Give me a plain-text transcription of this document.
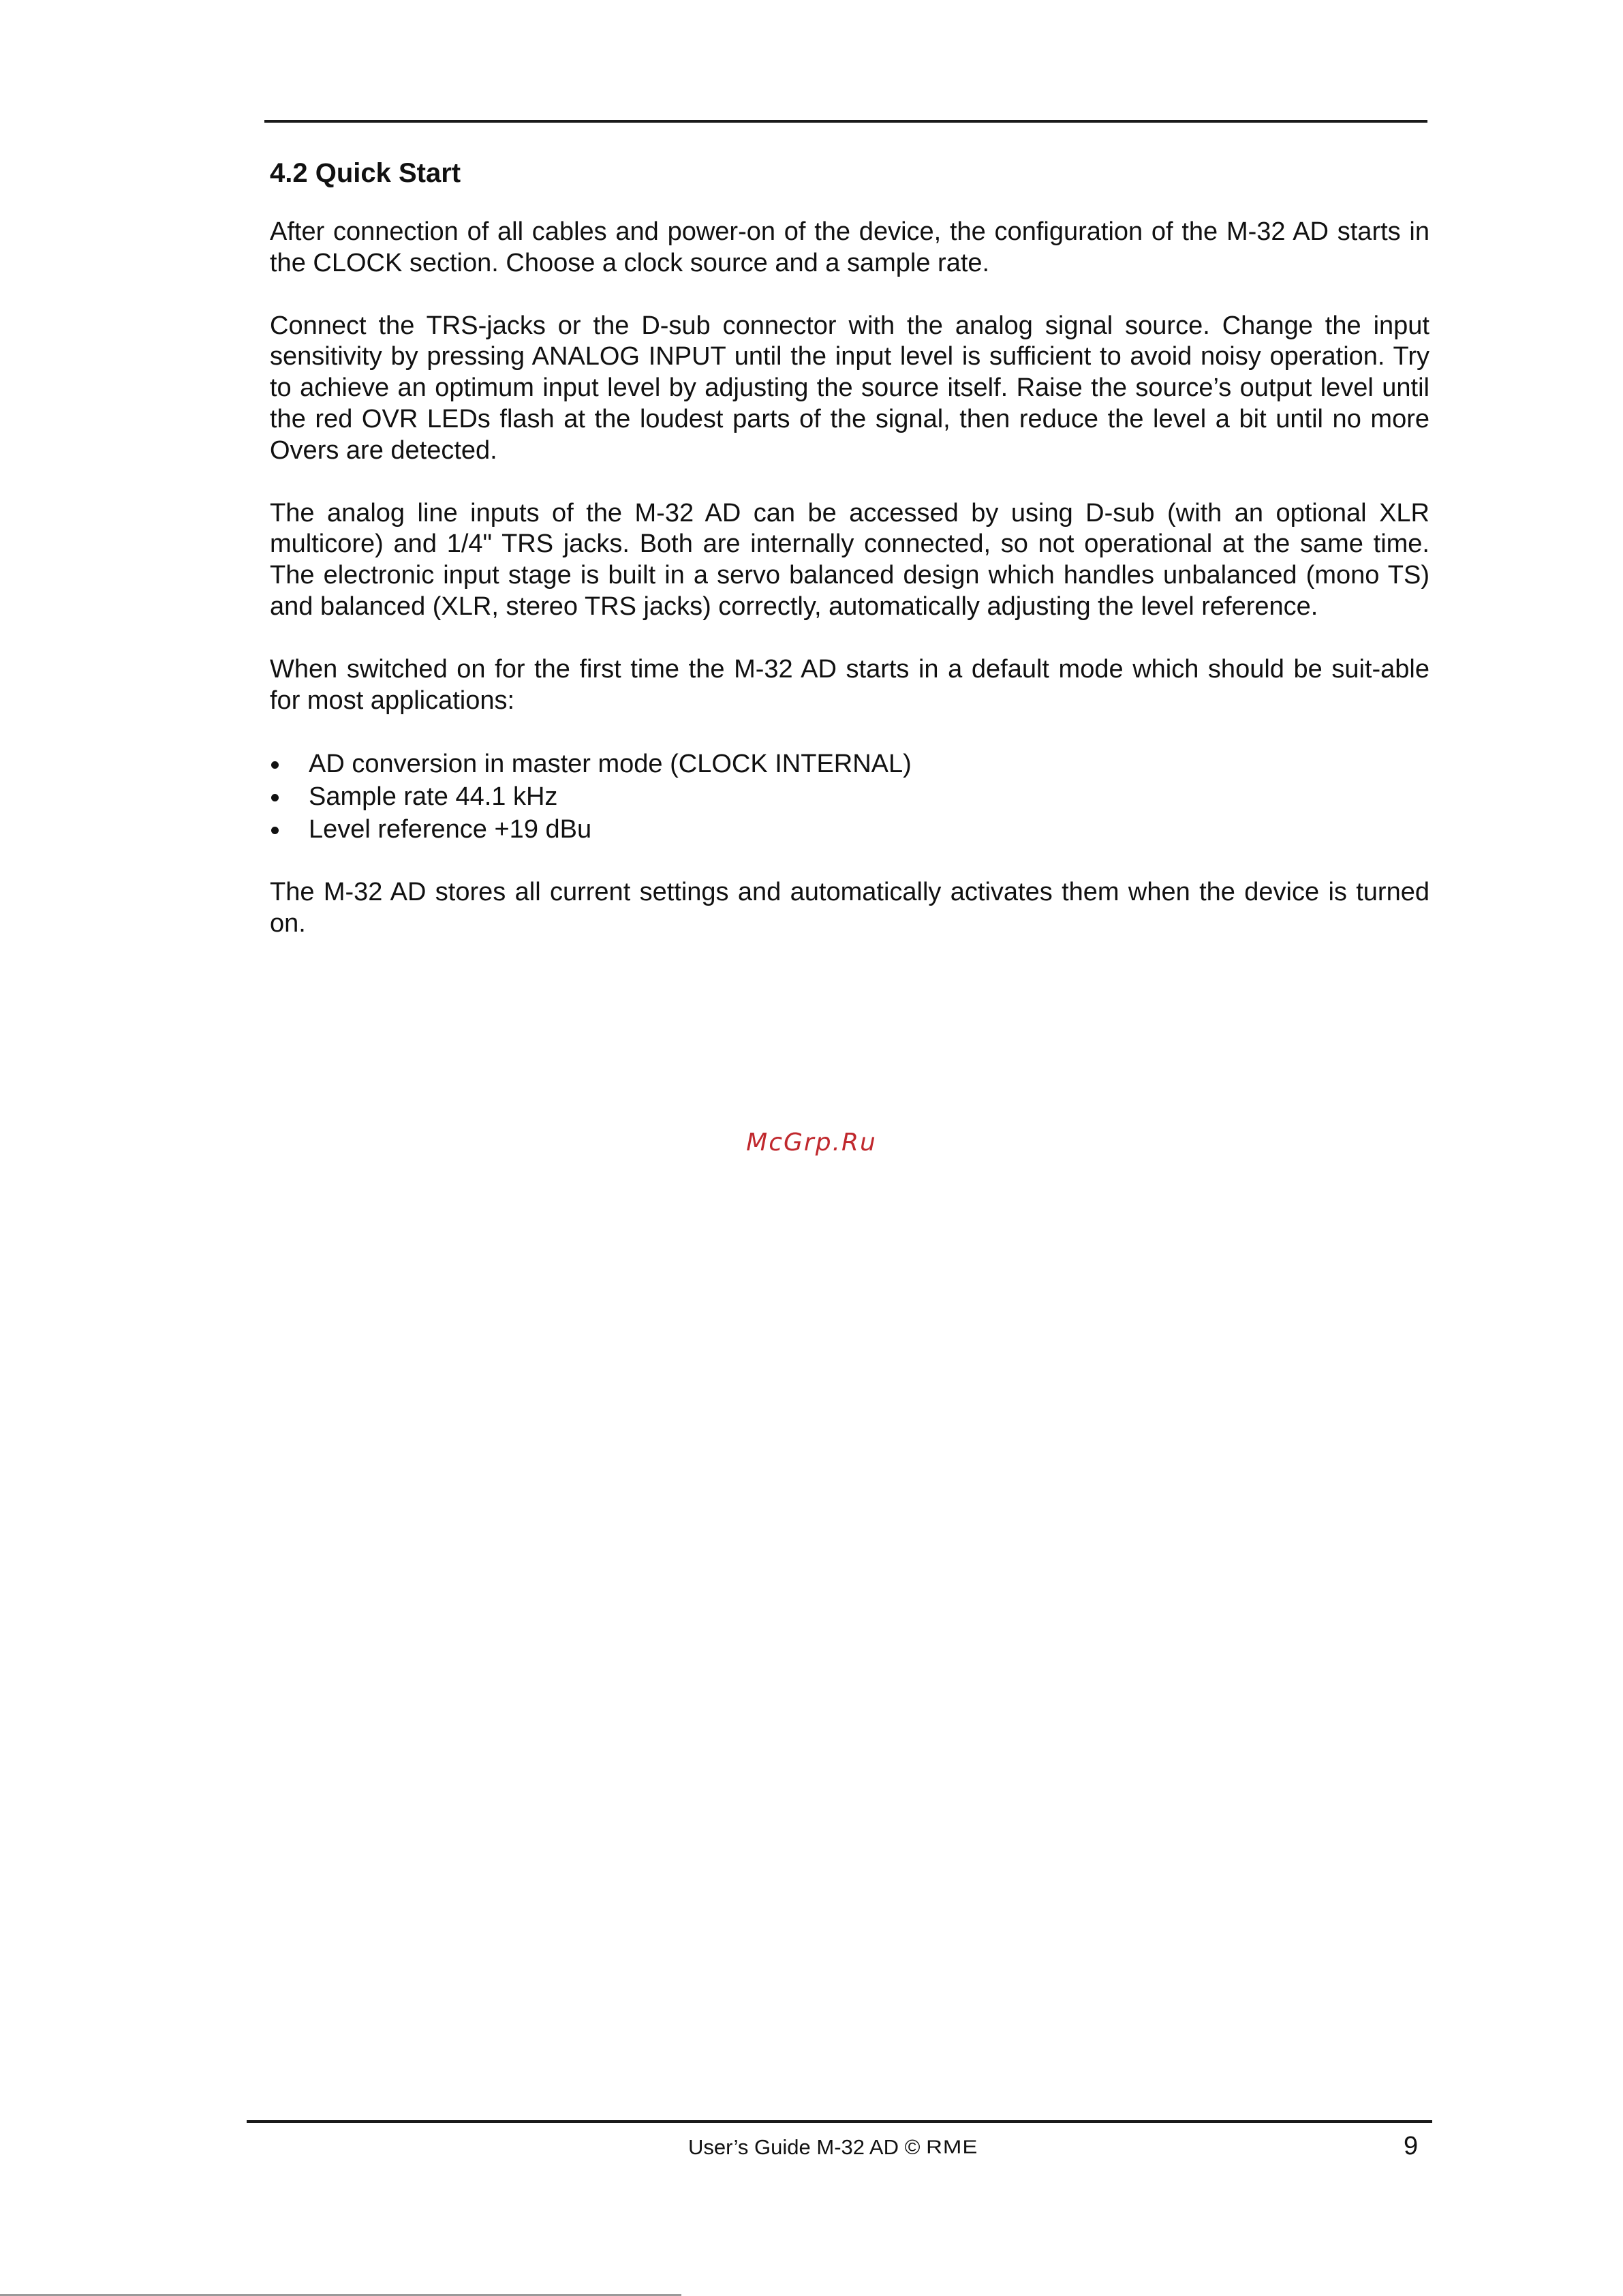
4.2 Quick Start

After connection of all cables and power-on of the device, the configuration of the M-32 AD starts in the CLOCK section. Choose a clock source and a sample rate.

Connect the TRS-jacks or the D-sub connector with the analog signal source. Change the input sensitivity by pressing ANALOG INPUT until the input level is sufficient to avoid noisy operation. Try to achieve an optimum input level by adjusting the source itself. Raise the source’s output level until the red OVR LEDs flash at the loudest parts of the signal, then reduce the level a bit until no more Overs are detected.

The analog line inputs of the M-32 AD can be accessed by using D-sub (with an optional XLR multicore) and 1/4" TRS jacks. Both are internally connected, so not operational at the same time. The electronic input stage is built in a servo balanced design which handles unbalanced (mono TS) and balanced (XLR, stereo TRS jacks) correctly, automatically adjusting the level reference.

When switched on for the first time the M-32 AD starts in a default mode which should be suit-able for most applications:

AD conversion in master mode (CLOCK INTERNAL)
Sample rate 44.1 kHz
Level reference +19 dBu

The M-32 AD stores all current settings and automatically activates them when the device is turned on.

McGrp.Ru
User’s Guide M-32 AD © RME	9
